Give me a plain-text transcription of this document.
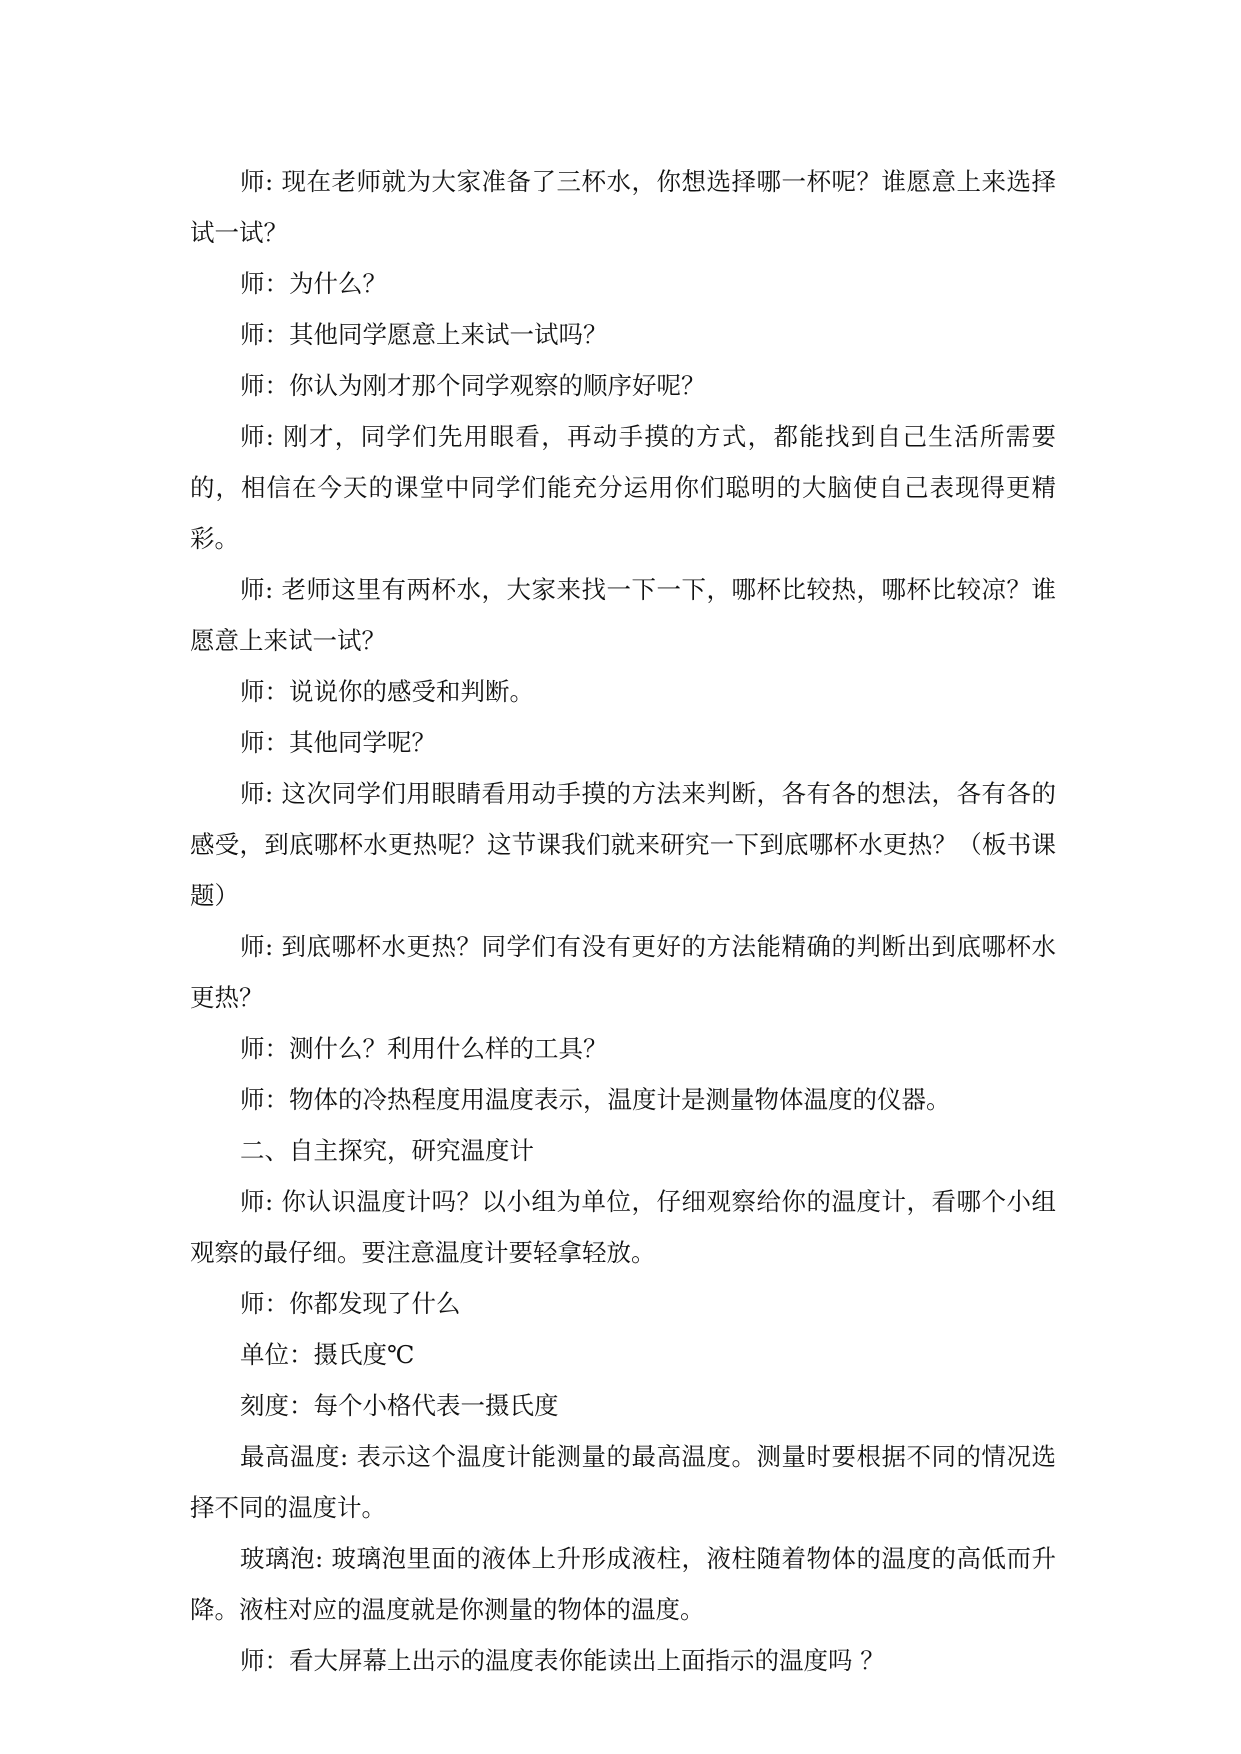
师: 现在老师就为大家准备了三杯水，你想选择哪一杯呢？谁愿意上来选择试一试？

师：为什么？

师：其他同学愿意上来试一试吗？

师：你认为刚才那个同学观察的顺序好呢？

师: 刚才，同学们先用眼看，再动手摸的方式，都能找到自己生活所需要的，相信在今天的课堂中同学们能充分运用你们聪明的大脑使自己表现得更精彩。

师: 老师这里有两杯水，大家来找一下一下，哪杯比较热，哪杯比较凉？谁愿意上来试一试？

师：说说你的感受和判断。

师：其他同学呢？

师: 这次同学们用眼睛看用动手摸的方法来判断，各有各的想法，各有各的感受，到底哪杯水更热呢？这节课我们就来研究一下到底哪杯水更热？（板书课题）

师: 到底哪杯水更热？同学们有没有更好的方法能精确的判断出到底哪杯水更热？

师：测什么？利用什么样的工具？

师：物体的冷热程度用温度表示，温度计是测量物体温度的仪器。

二、自主探究，研究温度计

师: 你认识温度计吗？以小组为单位，仔细观察给你的温度计，看哪个小组观察的最仔细。要注意温度计要轻拿轻放。

师：你都发现了什么

单位：摄氏度℃

刻度：每个小格代表一摄氏度

最高温度: 表示这个温度计能测量的最高温度。测量时要根据不同的情况选择不同的温度计。

玻璃泡: 玻璃泡里面的液体上升形成液柱，液柱随着物体的温度的高低而升降。液柱对应的温度就是你测量的物体的温度。

师：看大屏幕上出示的温度表你能读出上面指示的温度吗 ？
